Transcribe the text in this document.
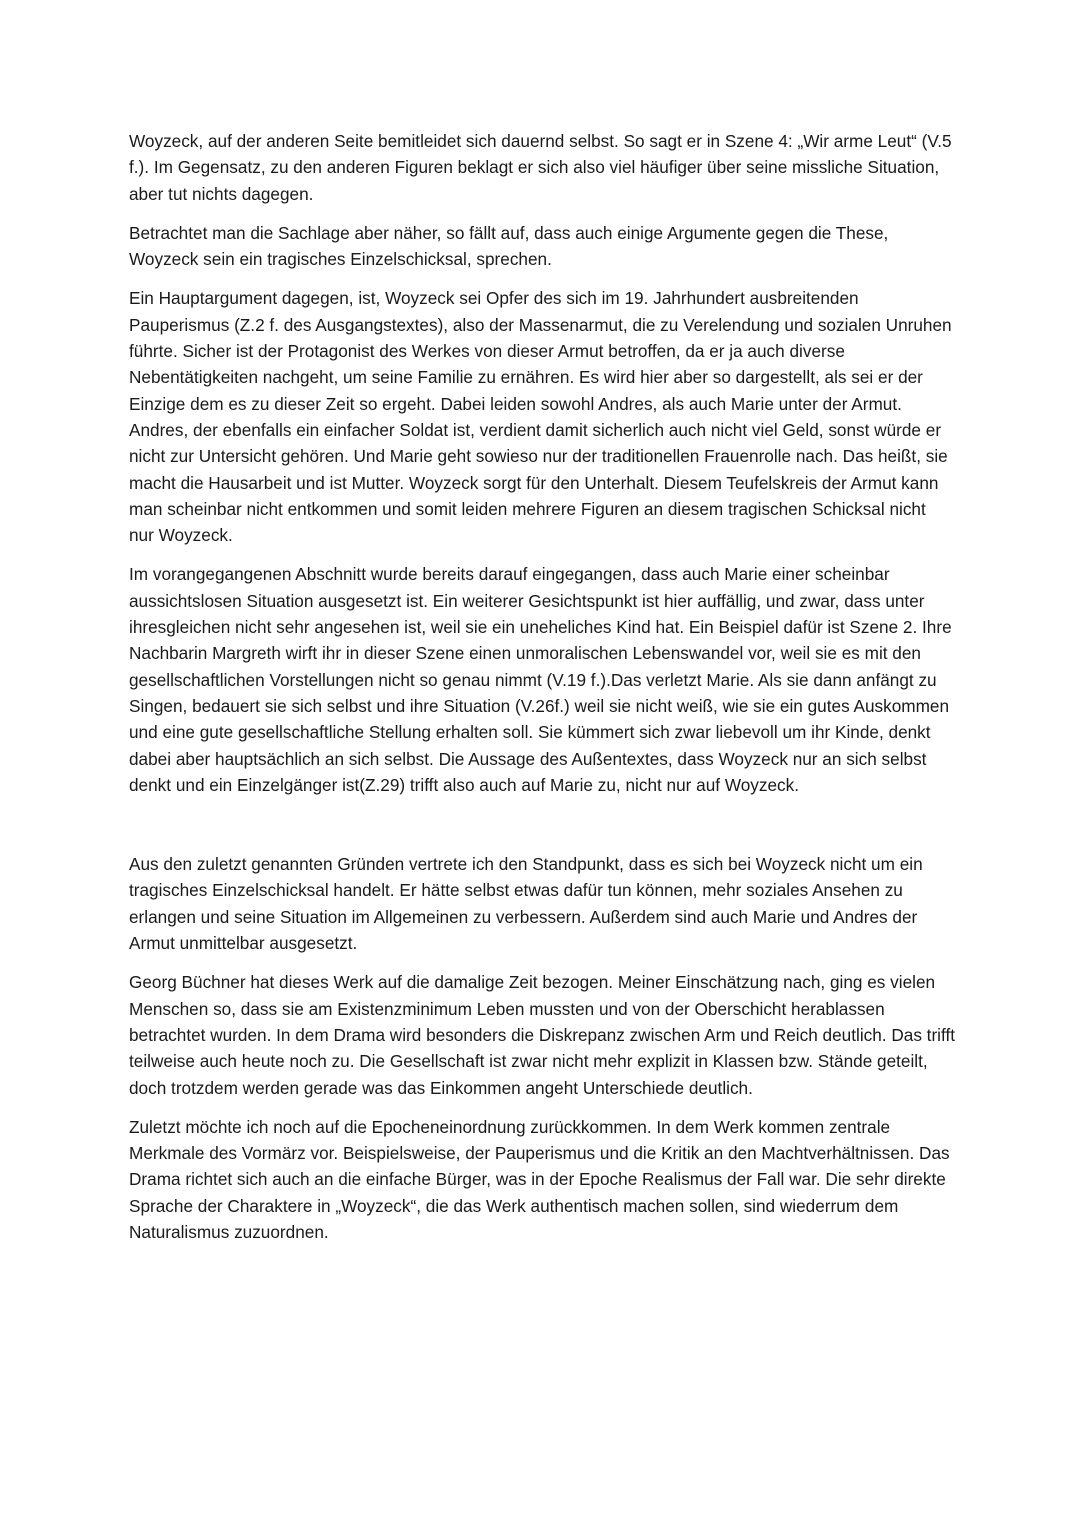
Woyzeck, auf der anderen Seite bemitleidet sich dauernd selbst. So sagt er in Szene 4: „Wir arme Leut“ (V.5 f.). Im Gegensatz, zu den anderen Figuren beklagt er sich also viel häufiger über seine missliche Situation, aber tut nichts dagegen.

Betrachtet man die Sachlage aber näher, so fällt auf, dass auch einige Argumente gegen die These, Woyzeck sein ein tragisches Einzelschicksal, sprechen.

Ein Hauptargument dagegen, ist, Woyzeck sei Opfer des sich im 19. Jahrhundert ausbreitenden Pauperismus (Z.2 f. des Ausgangstextes), also der Massenarmut, die zu Verelendung und sozialen Unruhen führte. Sicher ist der Protagonist des Werkes von dieser Armut betroffen, da er ja auch diverse Nebentätigkeiten nachgeht, um seine Familie zu ernähren. Es wird hier aber so dargestellt, als sei er der Einzige dem es zu dieser Zeit so ergeht. Dabei leiden sowohl Andres, als auch Marie unter der Armut. Andres, der ebenfalls ein einfacher Soldat ist, verdient damit sicherlich auch nicht viel Geld, sonst würde er nicht zur Untersicht gehören. Und Marie geht sowieso nur der traditionellen Frauenrolle nach. Das heißt, sie macht die Hausarbeit und ist Mutter. Woyzeck sorgt für den Unterhalt. Diesem Teufelskreis der Armut kann man scheinbar nicht entkommen und somit leiden mehrere Figuren an diesem tragischen Schicksal nicht nur Woyzeck.

Im vorangegangenen Abschnitt wurde bereits darauf eingegangen, dass auch Marie einer scheinbar aussichtslosen Situation ausgesetzt ist. Ein weiterer Gesichtspunkt ist hier auffällig, und zwar, dass unter ihresgleichen nicht sehr angesehen ist, weil sie ein uneheliches Kind hat. Ein Beispiel dafür ist Szene 2. Ihre Nachbarin Margreth wirft ihr in dieser Szene einen unmoralischen Lebenswandel vor, weil sie es mit den gesellschaftlichen Vorstellungen nicht so genau nimmt (V.19 f.).Das verletzt Marie. Als sie dann anfängt zu Singen, bedauert sie sich selbst und ihre Situation (V.26f.) weil sie nicht weiß, wie sie ein gutes Auskommen und eine gute gesellschaftliche Stellung erhalten soll. Sie kümmert sich zwar liebevoll um ihr Kinde, denkt dabei aber hauptsächlich an sich selbst. Die Aussage des Außentextes, dass Woyzeck nur an sich selbst denkt und ein Einzelgänger ist(Z.29) trifft also auch auf Marie zu, nicht nur auf Woyzeck.

Aus den zuletzt genannten Gründen vertrete ich den Standpunkt, dass es sich bei Woyzeck nicht um ein tragisches Einzelschicksal handelt. Er hätte selbst etwas dafür tun können, mehr soziales Ansehen zu erlangen und seine Situation im Allgemeinen zu verbessern. Außerdem sind auch Marie und Andres der Armut unmittelbar ausgesetzt.

Georg Büchner hat dieses Werk auf die damalige Zeit bezogen. Meiner Einschätzung nach, ging es vielen Menschen so, dass sie am Existenzminimum Leben mussten und von der Oberschicht herablassen betrachtet wurden. In dem Drama wird besonders die Diskrepanz zwischen Arm und Reich deutlich. Das trifft teilweise auch heute noch zu. Die Gesellschaft ist zwar nicht mehr explizit in Klassen bzw. Stände geteilt, doch trotzdem werden gerade was das Einkommen angeht Unterschiede deutlich.

Zuletzt möchte ich noch auf die Epocheneinordnung zurückkommen. In dem Werk kommen zentrale Merkmale des Vormärz vor. Beispielsweise, der Pauperismus und die Kritik an den Machtverhältnissen. Das Drama richtet sich auch an die einfache Bürger, was in der Epoche Realismus der Fall war. Die sehr direkte Sprache der Charaktere in „Woyzeck“, die das Werk authentisch machen sollen, sind wiederrum dem Naturalismus zuzuordnen.
